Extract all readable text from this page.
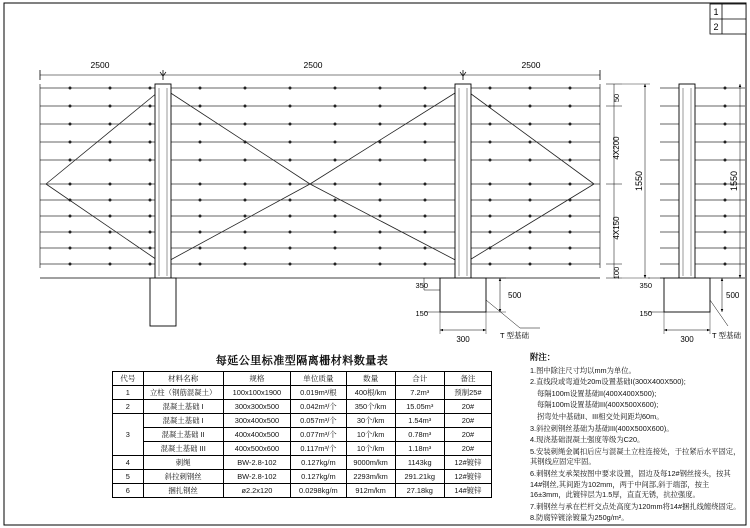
1
2
2500	2500	2500
50
4X200
4X150
100
1550
350
150
500
300	T 型基础
1550
350
150
500
300 T 型基础
每延公里标准型隔离栅材料数量表
代号	材料名称	规格	单位质量	数量	合计	备注
1	立柱（钢筋混凝土）	100x100x1900	0.019m³/根	400根/km	7.2m³	预制25#
2	混凝土基础 I	300x300x500	0.042m³/个	350个/km	15.05m³	20#
3	混凝土基础 I	300x400x500	0.057m³/个	30个/km	1.54m³	20#
	混凝土基础 II	400x400x500	0.077m³/个	10个/km	0.78m³	20#
	混凝土基础 III	400x500x600	0.117m³/个	10个/km	1.18m³	20#
4	刺绳	BW-2.8-102	0.127kg/m	9000m/km	1143kg	12#镀锌
5	斜拉刺钢丝	BW-2.8-102	0.127kg/m	2293m/km	291.21kg	12#镀锌
6	捆扎钢丝	ø2.2x120	0.0298kg/m	912m/km	27.18kg	14#镀锌
附注：

1.图中除注尺寸均以mm为单位。

2.直线段或弯道处20m设置基础I(300X400X500);

每隔100m设置基础II(400X400X500);

每隔100m设置基础III(400X500X600);

拐弯处中基础II、III相交处间距均60m。

3.斜拉刺钢丝基础为基础III(400X500X600)。

4.现浇基础混凝土强度等级为C20。

5.安装刺绳金属扣后应与混凝土立柱连接处，于拉紧后水平固定，其钢线应固定牢固。

6.刺钢丝支承架按图中要求设置，固边及每12#钢丝接头，按其14#钢丝,其间距为102mm，两于中间部,斜于端部，按主16±3mm，此镀锌层为1.5厚，直直无锈，抗拉强度。

7.刺钢丝与承在栏杆交点处高度为120mm将14#捆扎线缠绕固定。

8.防腐锌镀涂镀量为250g/m²。
